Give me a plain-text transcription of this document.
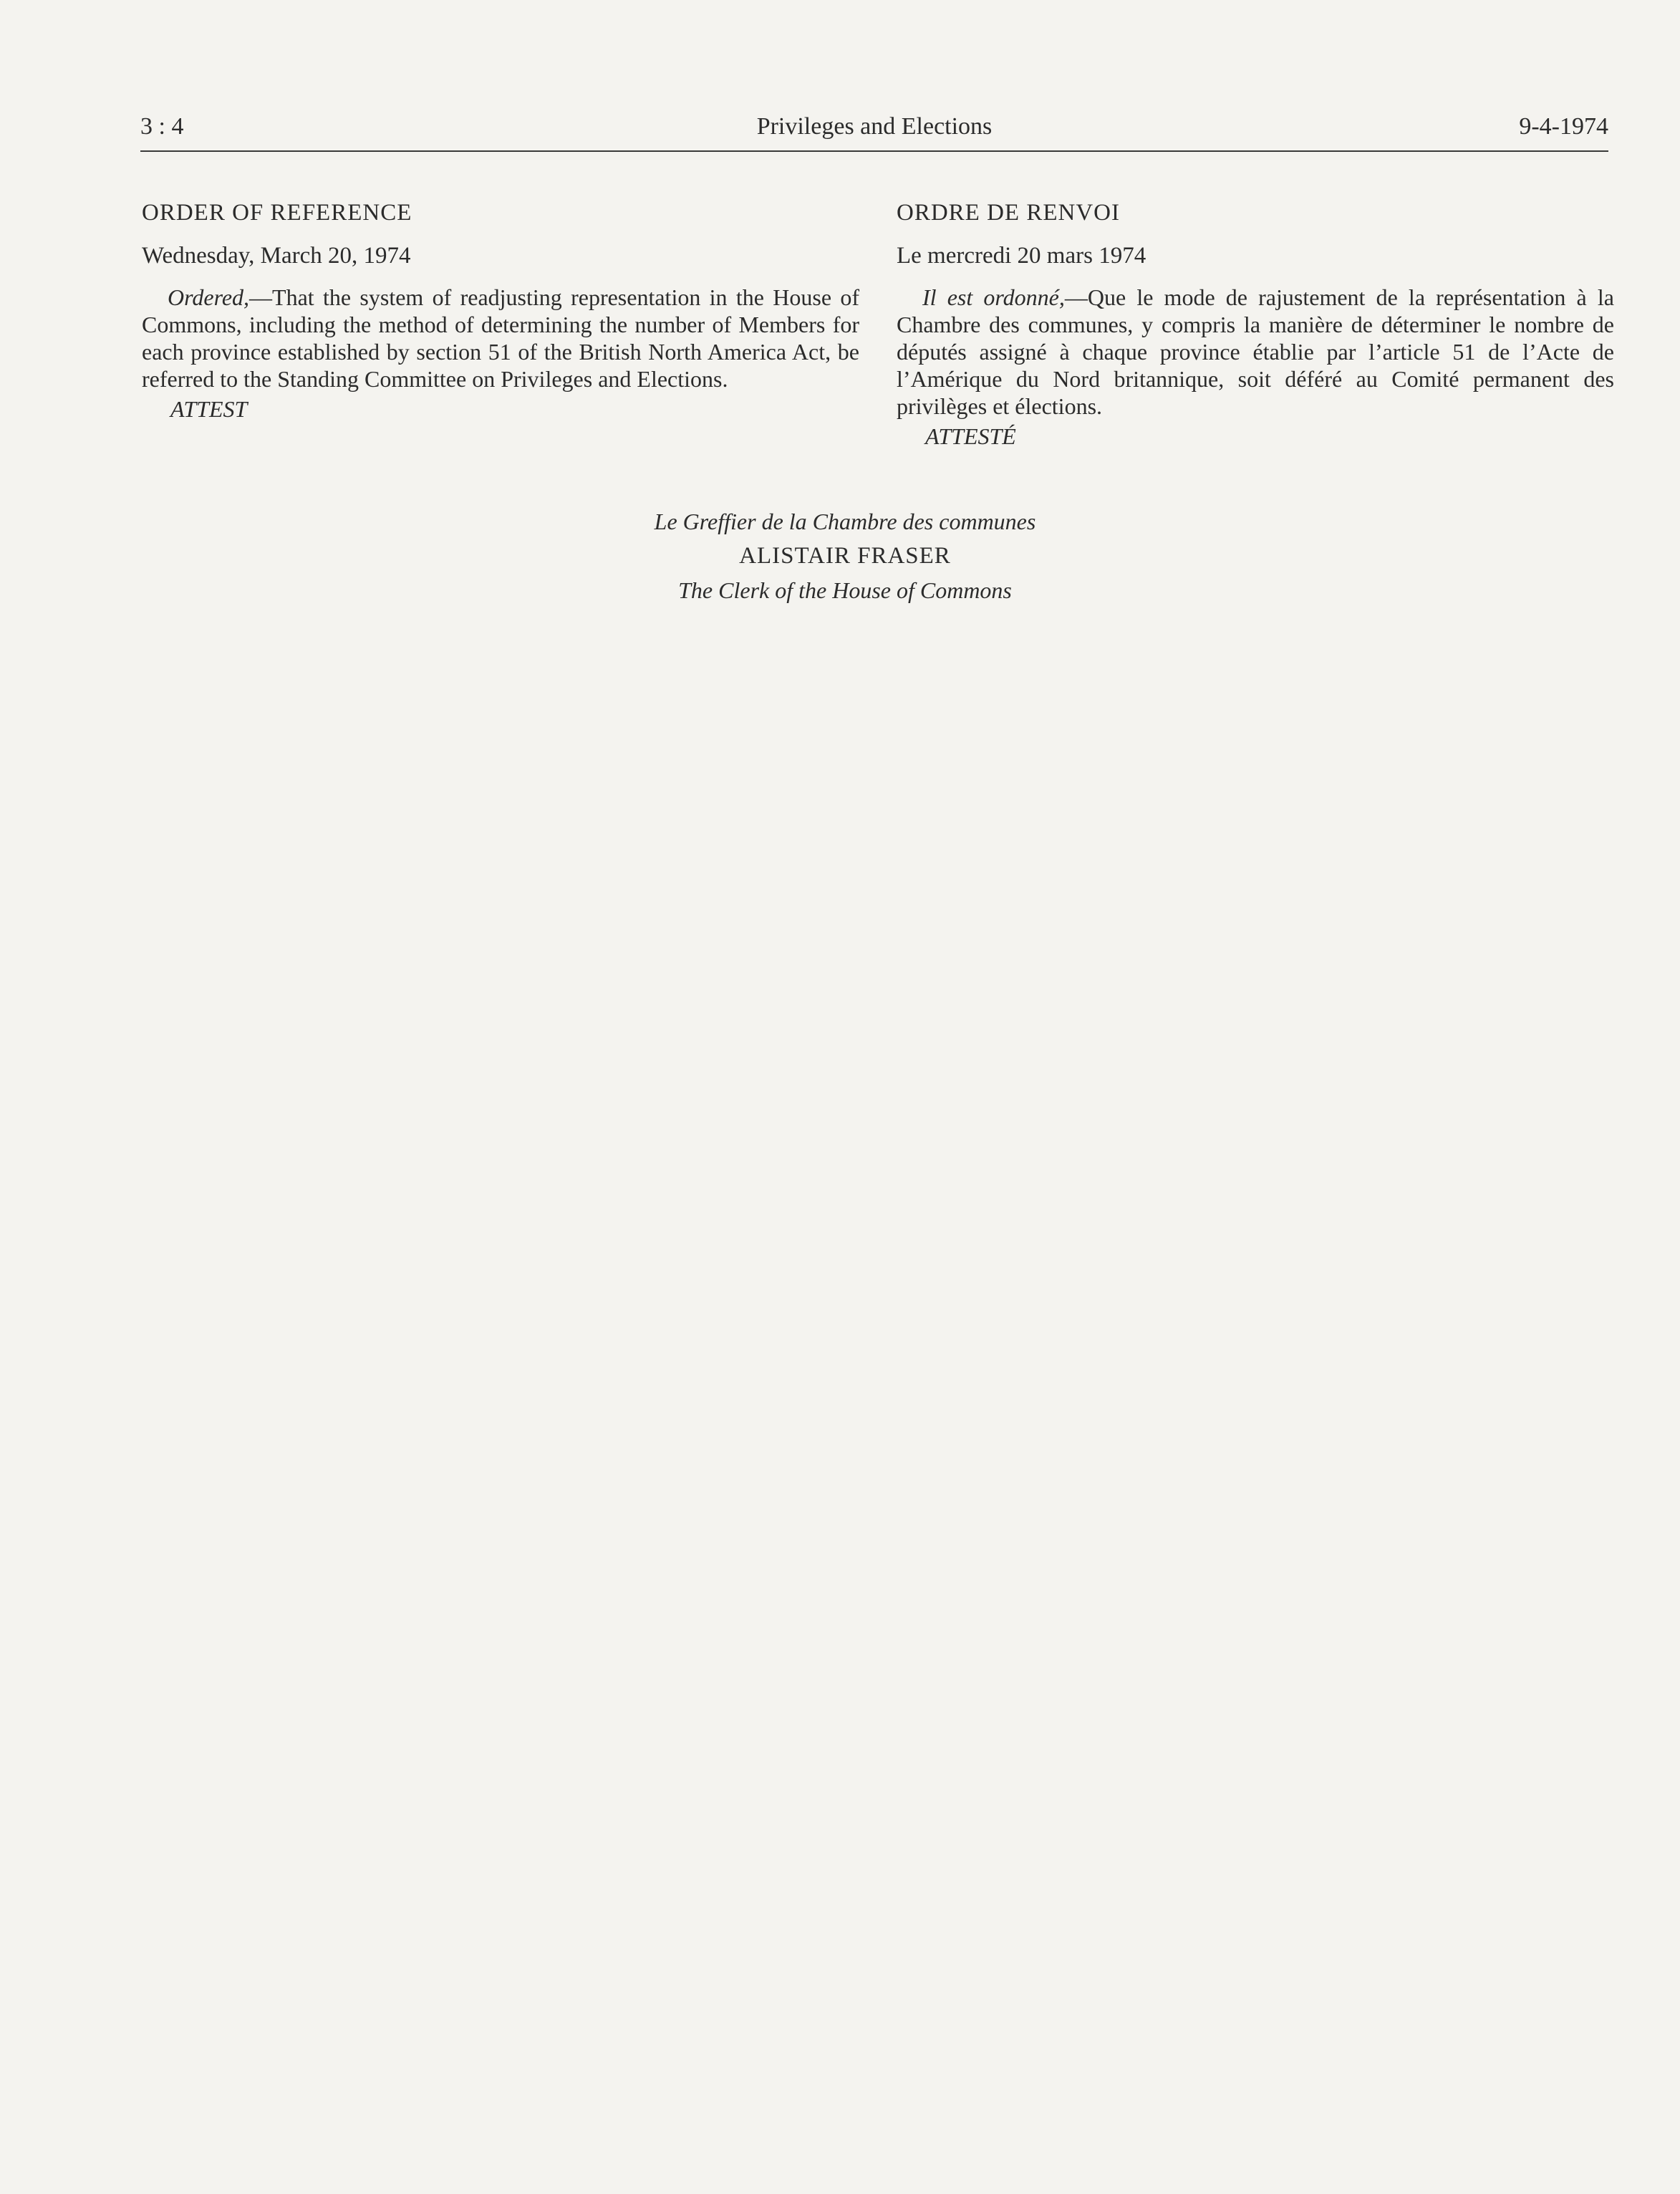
3 : 4	Privileges and Elections	9-4-1974
ORDER OF REFERENCE
Wednesday, March 20, 1974

Ordered,—That the system of readjusting representation in the House of Commons, including the method of determining the number of Members for each province established by section 51 of the British North America Act, be referred to the Standing Committee on Privileges and Elections.

ATTEST
ORDRE DE RENVOI
Le mercredi 20 mars 1974

Il est ordonné,—Que le mode de rajustement de la représentation à la Chambre des communes, y compris la manière de déterminer le nombre de députés assigné à chaque province établie par l’article 51 de l’Acte de l’Amérique du Nord britannique, soit déféré au Comité permanent des privilèges et élections.

ATTESTÉ
Le Greffier de la Chambre des communes
ALISTAIR FRASER
The Clerk of the House of Commons
